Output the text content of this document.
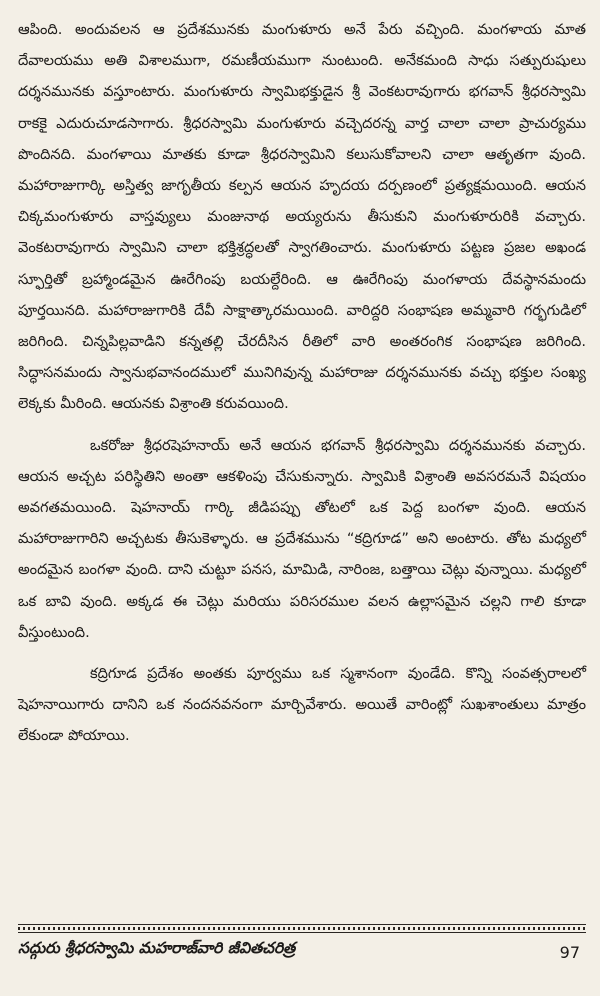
ఆపింది. అందువలన ఆ ప్రదేశమునకు మంగుళూరు అనే పేరు వచ్చింది. మంగళాయ మాత దేవాలయము అతి విశాలముగా, రమణీయముగా నుంటుంది. అనేకమంది సాధు సత్పురుషులు దర్శనమునకు వస్తూంటారు. మంగుళూరు స్వామిభక్తుడైన శ్రీ వెంకటరావుగారు భగవాన్ శ్రీధరస్వామి రాకకై ఎదురుచూడసాగారు. శ్రీధరస్వామి మంగుళూరు వచ్చెదరన్న వార్త చాలా చాలా ప్రాచుర్యము పొందినది. మంగళాయి మాతకు కూడా శ్రీధరస్వామిని కలుసుకోవాలని చాలా ఆతృతగా వుంది. మహారాజుగార్కి అస్తిత్వ జాగృతీయ కల్పన ఆయన హృదయ దర్పణంలో ప్రత్యక్షమయింది. ఆయన చిక్కమంగుళూరు వాస్తవ్యులు మంజునాథ అయ్యరును తీసుకుని మంగుళూరురికి వచ్చారు. వెంకటరావుగారు స్వామిని చాలా భక్తిశ్రద్ధలతో స్వాగతించారు. మంగుళూరు పట్టణ ప్రజల అఖండ స్ఫూర్తితో బ్రహ్మాండమైన ఊరేగింపు బయల్దేరింది. ఆ ఊరేగింపు మంగళాయ దేవస్థానమందు పూర్తయినది. మహారాజుగారికి దేవీ సాక్షాత్కారమయింది. వారిద్దరి సంభాషణ అమ్మవారి గర్భగుడిలో జరిగింది. చిన్నపిల్లవాడిని కన్నతల్లి చేరదీసిన రీతిలో వారి అంతరంగిక సంభాషణ జరిగింది. సిద్ధాసనమందు స్వానుభవానందములో మునిగివున్న మహారాజు దర్శనమునకు వచ్చు భక్తుల సంఖ్య లెక్కకు మీరింది. ఆయనకు విశ్రాంతి కరువయింది.

ఒకరోజు శ్రీధరషెహనాయ్ అనే ఆయన భగవాన్ శ్రీధరస్వామి దర్శనమునకు వచ్చారు. ఆయన అచ్చట పరిస్థితిని అంతా ఆకళింపు చేసుకున్నారు. స్వామికి విశ్రాంతి అవసరమనే విషయం అవగతమయింది. షెహనాయ్ గార్కి జీడిపప్పు తోటలో ఒక పెద్ద బంగళా వుంది. ఆయన మహారాజుగారిని అచ్చటకు తీసుకెళ్ళారు. ఆ ప్రదేశమును “కద్రిగూడ” అని అంటారు. తోట మధ్యలో అందమైన బంగళా వుంది. దాని చుట్టూ పనస, మామిడి, నారింజ, బత్తాయి చెట్లు వున్నాయి. మధ్యలో ఒక బావి వుంది. అక్కడ ఈ చెట్లు మరియు పరిసరముల వలన ఉల్లాసమైన చల్లని గాలి కూడా వీస్తుంటుంది.

కద్రిగూడ ప్రదేశం అంతకు పూర్వము ఒక స్మశానంగా వుండేది. కొన్ని సంవత్సరాలలో షెహనాయిగారు దానిని ఒక నందనవనంగా మార్చివేశారు. అయితే వారింట్లో సుఖశాంతులు మాత్రం లేకుండా పోయాయి.

సద్గురు శ్రీధరస్వామి మహరాజ్‌వారి జీవితచరిత్ర	97
